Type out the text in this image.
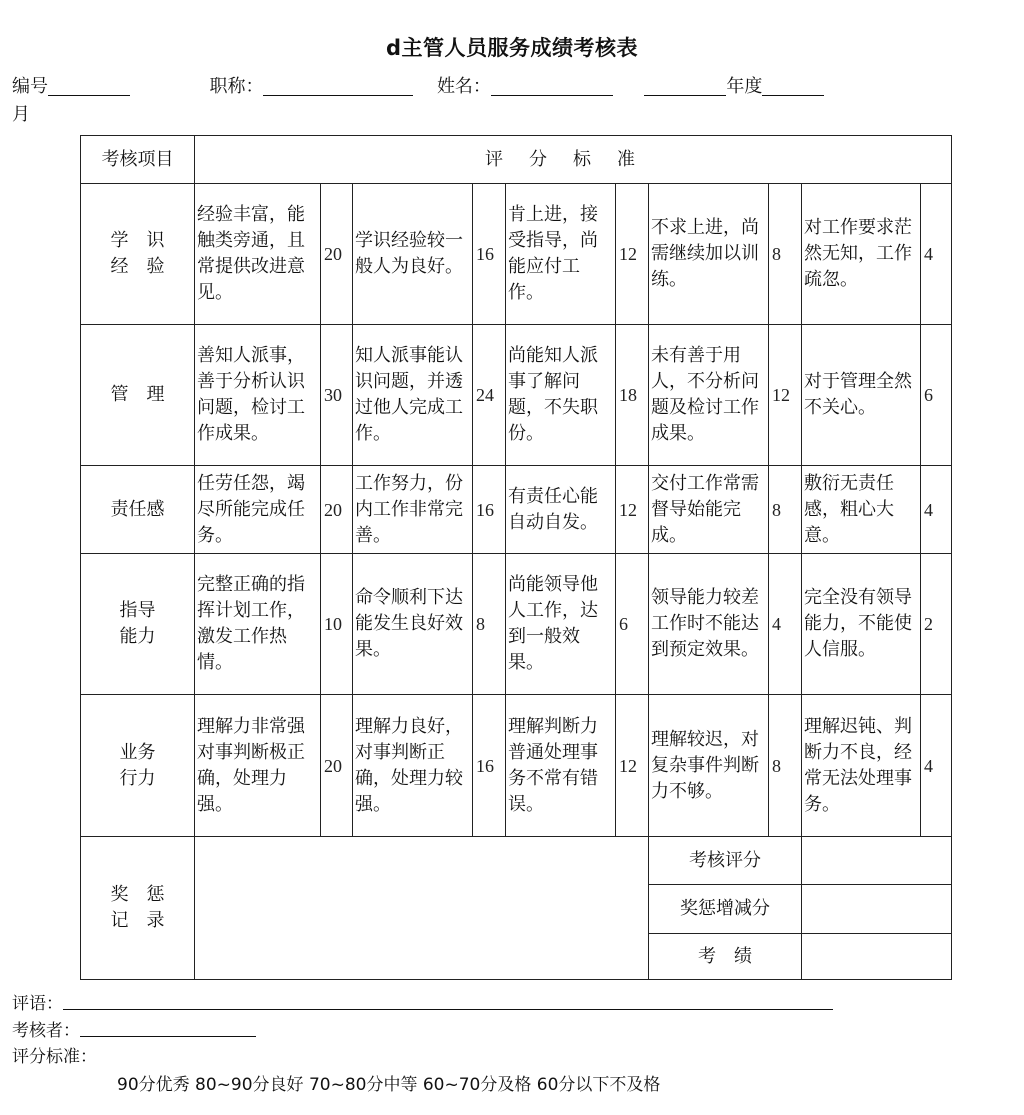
d主管人员服务成绩考核表
编号	职称：	姓名：	年度
月
考核项目	评分标准									

学　识
经　验	经验丰富，能触类旁通，且常提供改进意见。	20	学识经验较一般人为良好。	16	肯上进，接受指导，尚能应付工作。	12	不求上进，尚需继续加以训练。	8	对工作要求茫然无知，工作疏忽。	4
管　理	善知人派事，善于分析认识问题，检讨工作成果。	30	知人派事能认识问题，并透过他人完成工作。	24	尚能知人派事了解问题，不失职份。	18	未有善于用人，不分析问题及检讨工作成果。	12	对于管理全然不关心。	6
责任感	任劳任怨，竭尽所能完成任务。	20	工作努力，份内工作非常完善。	16	有责任心能自动自发。	12	交付工作常需督导始能完成。	8	敷衍无责任感，粗心大意。	4

指导
能力	完整正确的指挥计划工作，激发工作热情。	10	命令顺利下达能发生良好效果。	8	尚能领导他人工作，达到一般效果。	6	领导能力较差工作时不能达到预定效果。	4	完全没有领导能力，不能使人信服。	2

业务
行力	理解力非常强对事判断极正确，处理力强。	20	理解力良好，对事判断正确，处理力较强。	16	理解判断力普通处理事务不常有错误。	12	理解较迟，对复杂事件判断力不够。	8	理解迟钝、判断力不良，经常无法处理事务。	4

奖　惩
记　录							考核评分			
							奖惩增减分			
							考　绩			
评语：
考核者：
评分标准：
90分优秀 80~90分良好 70~80分中等 60~70分及格 60分以下不及格
